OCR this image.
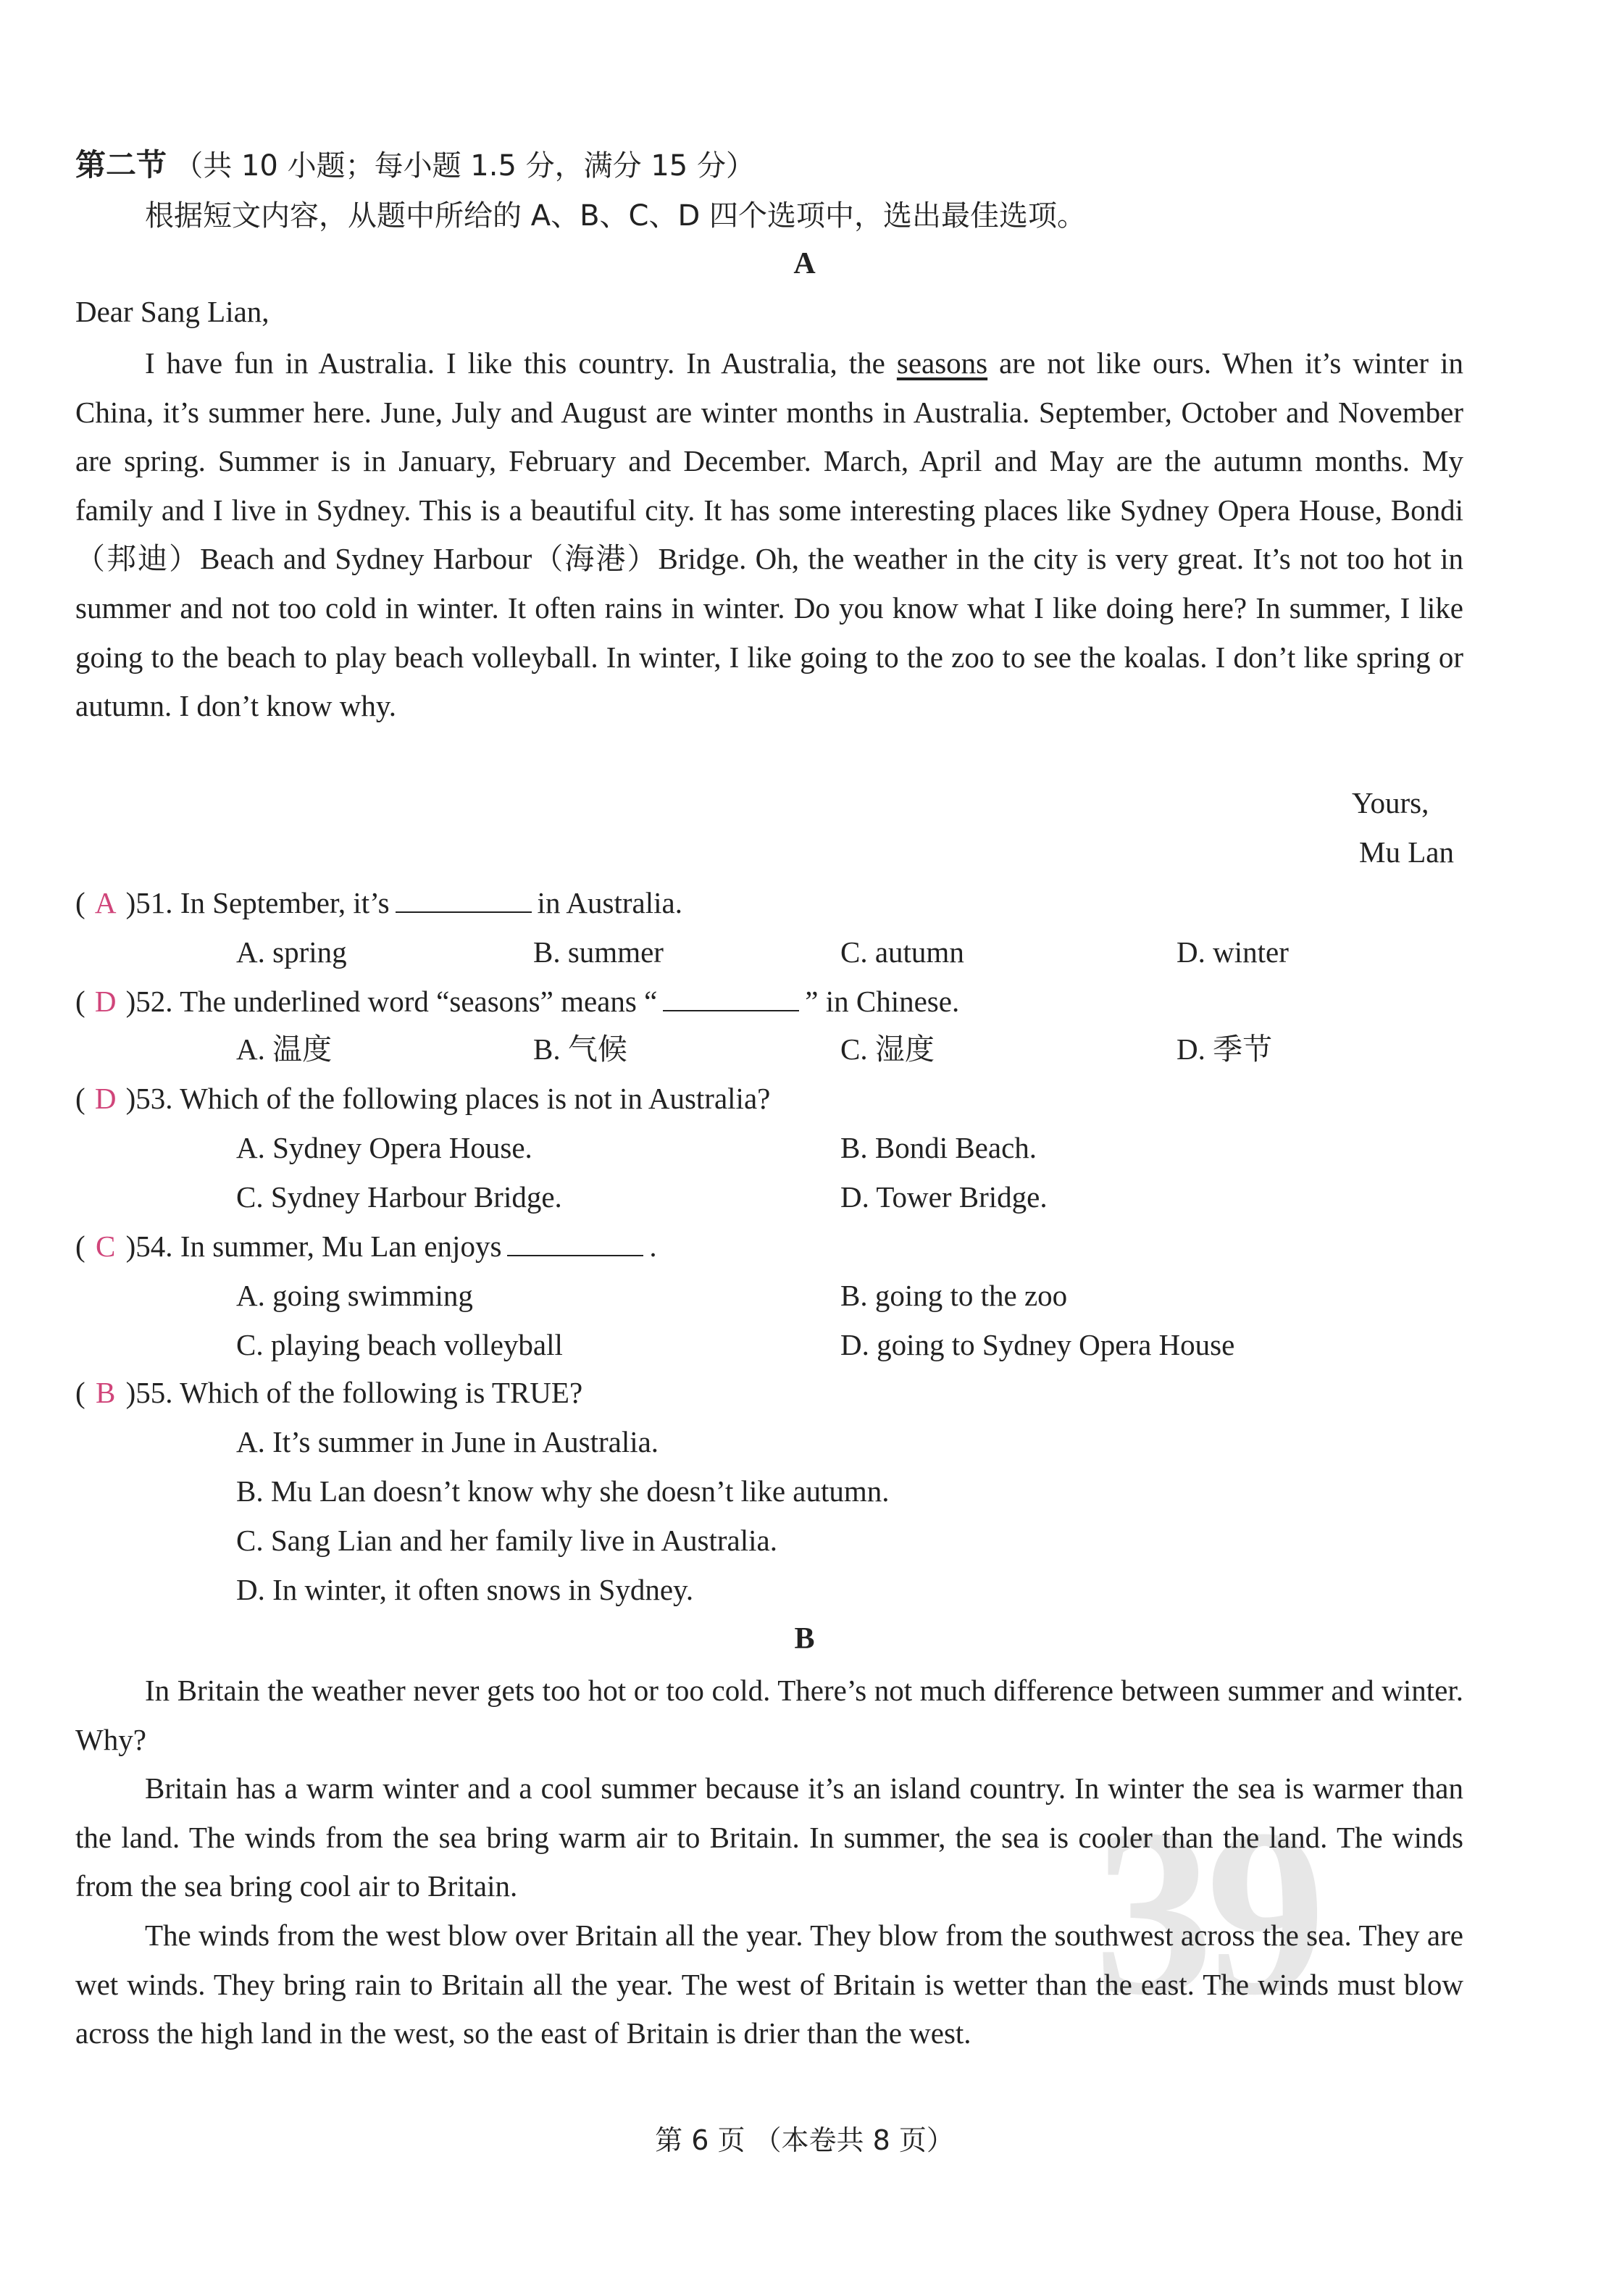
第二节 （共 10 小题；每小题 1.5 分，满分 15 分）
根据短文内容，从题中所给的 A、B、C、D 四个选项中，选出最佳选项。
A
Dear Sang Lian,
I have fun in Australia. I like this country. In Australia, the seasons are not like ours. When it’s winter in China, it’s summer here. June, July and August are winter months in Australia. September, October and November are spring. Summer is in January, February and December. March, April and May are the autumn months. My family and I live in Sydney. This is a beautiful city. It has some interesting places like Sydney Opera House, Bondi（邦迪）Beach and Sydney Harbour（海港）Bridge. Oh, the weather in the city is very great. It’s not too hot in summer and not too cold in winter. It often rains in winter. Do you know what I like doing here? In summer, I like going to the beach to play beach volleyball. In winter, I like going to the zoo to see the koalas. I don’t like spring or autumn. I don’t know why.
Yours,
Mu Lan
( A )51. In September, it’s	in Australia.
A. spring	B. summer	C. autumn	D. winter
( D )52. The underlined word “seasons” means “	” in Chinese.
A. 温度	B. 气候	C. 湿度	D. 季节
( D )53. Which of the following places is not in Australia?
A. Sydney Opera House.	B. Bondi Beach.
C. Sydney Harbour Bridge.	D. Tower Bridge.
( C )54. In summer, Mu Lan enjoys	.
A. going swimming	B. going to the zoo
C. playing beach volleyball	D. going to Sydney Opera House
( B )55. Which of the following is TRUE?
A. It’s summer in June in Australia.
B. Mu Lan doesn’t know why she doesn’t like autumn.
C. Sang Lian and her family live in Australia.
D. In winter, it often snows in Sydney.
B
39
In Britain the weather never gets too hot or too cold. There’s not much difference between summer and winter. Why?
Britain has a warm winter and a cool summer because it’s an island country. In winter the sea is warmer than the land. The winds from the sea bring warm air to Britain. In summer, the sea is cooler than the land. The winds from the sea bring cool air to Britain.
The winds from the west blow over Britain all the year. They blow from the southwest across the sea. They are wet winds. They bring rain to Britain all the year. The west of Britain is wetter than the east. The winds must blow across the high land in the west, so the east of Britain is drier than the west.
第 6 页 （本卷共 8 页）
